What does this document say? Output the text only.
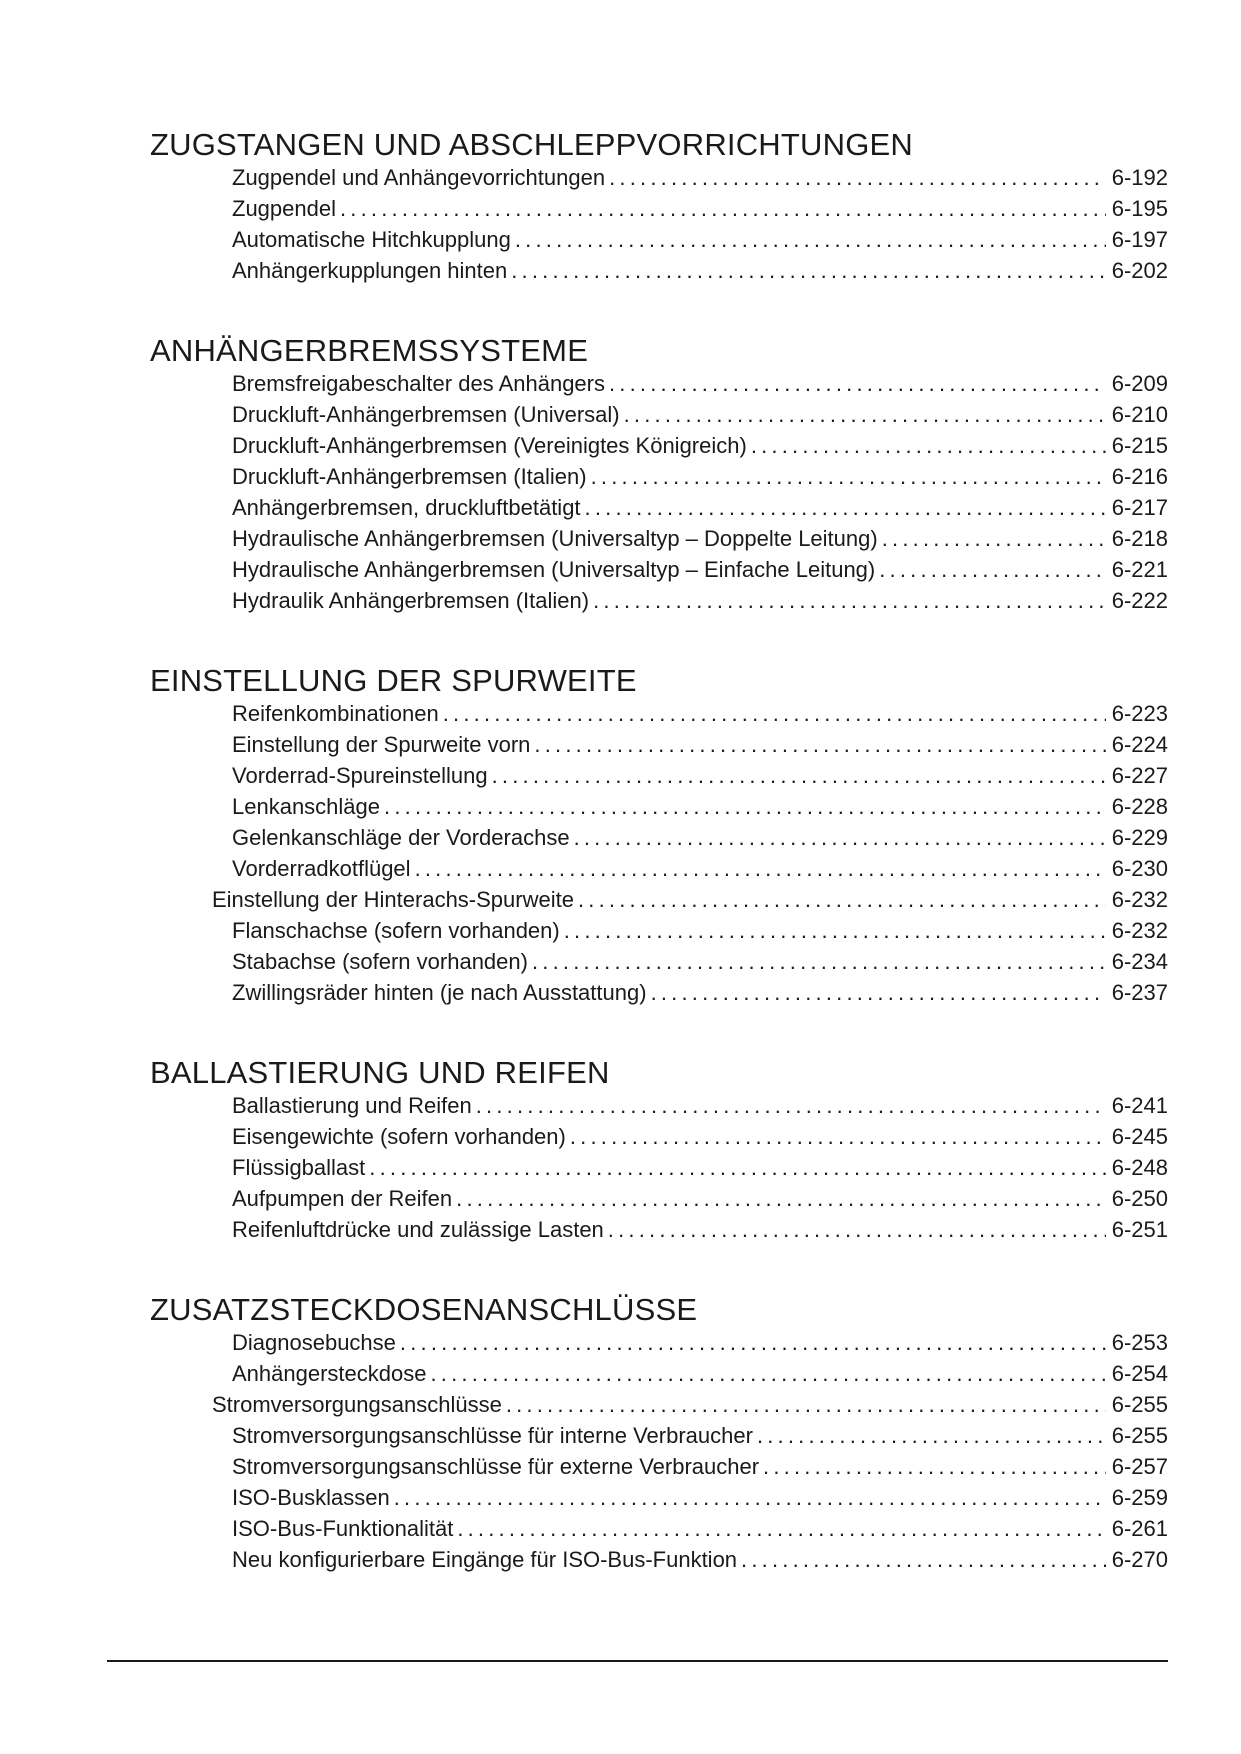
ZUGSTANGEN UND ABSCHLEPPVORRICHTUNGEN
Zugpendel und Anhängevorrichtungen .....	6-192
Zugpendel .....	6-195
Automatische Hitchkupplung .....	6-197
Anhängerkupplungen hinten .....	6-202
ANHÄNGERBREMSSYSTEME
Bremsfreigabeschalter des Anhängers .....	6-209
Druckluft-Anhängerbremsen (Universal) .....	6-210
Druckluft-Anhängerbremsen (Vereinigtes Königreich) .....	6-215
Druckluft-Anhängerbremsen (Italien) .....	6-216
Anhängerbremsen, druckluftbetätigt .....	6-217
Hydraulische Anhängerbremsen (Universaltyp – Doppelte Leitung) .....	6-218
Hydraulische Anhängerbremsen (Universaltyp – Einfache Leitung) .....	6-221
Hydraulik Anhängerbremsen (Italien) .....	6-222
EINSTELLUNG DER SPURWEITE
Reifenkombinationen .....	6-223
Einstellung der Spurweite vorn .....	6-224
Vorderrad-Spureinstellung .....	6-227
Lenkanschläge .....	6-228
Gelenkanschläge der Vorderachse .....	6-229
Vorderradkotflügel .....	6-230
Einstellung der Hinterachs-Spurweite .....	6-232
Flanschachse (sofern vorhanden) .....	6-232
Stabachse (sofern vorhanden) .....	6-234
Zwillingsräder hinten (je nach Ausstattung) .....	6-237
BALLASTIERUNG UND REIFEN
Ballastierung und Reifen .....	6-241
Eisengewichte (sofern vorhanden) .....	6-245
Flüssigballast .....	6-248
Aufpumpen der Reifen .....	6-250
Reifenluftdrücke und zulässige Lasten .....	6-251
ZUSATZSTECKDOSENANSCHLÜSSE
Diagnosebuchse .....	6-253
Anhängersteckdose .....	6-254
Stromversorgungsanschlüsse .....	6-255
Stromversorgungsanschlüsse für interne Verbraucher .....	6-255
Stromversorgungsanschlüsse für externe Verbraucher .....	6-257
ISO-Busklassen .....	6-259
ISO-Bus-Funktionalität .....	6-261
Neu konfigurierbare Eingänge für ISO-Bus-Funktion .....	6-270
